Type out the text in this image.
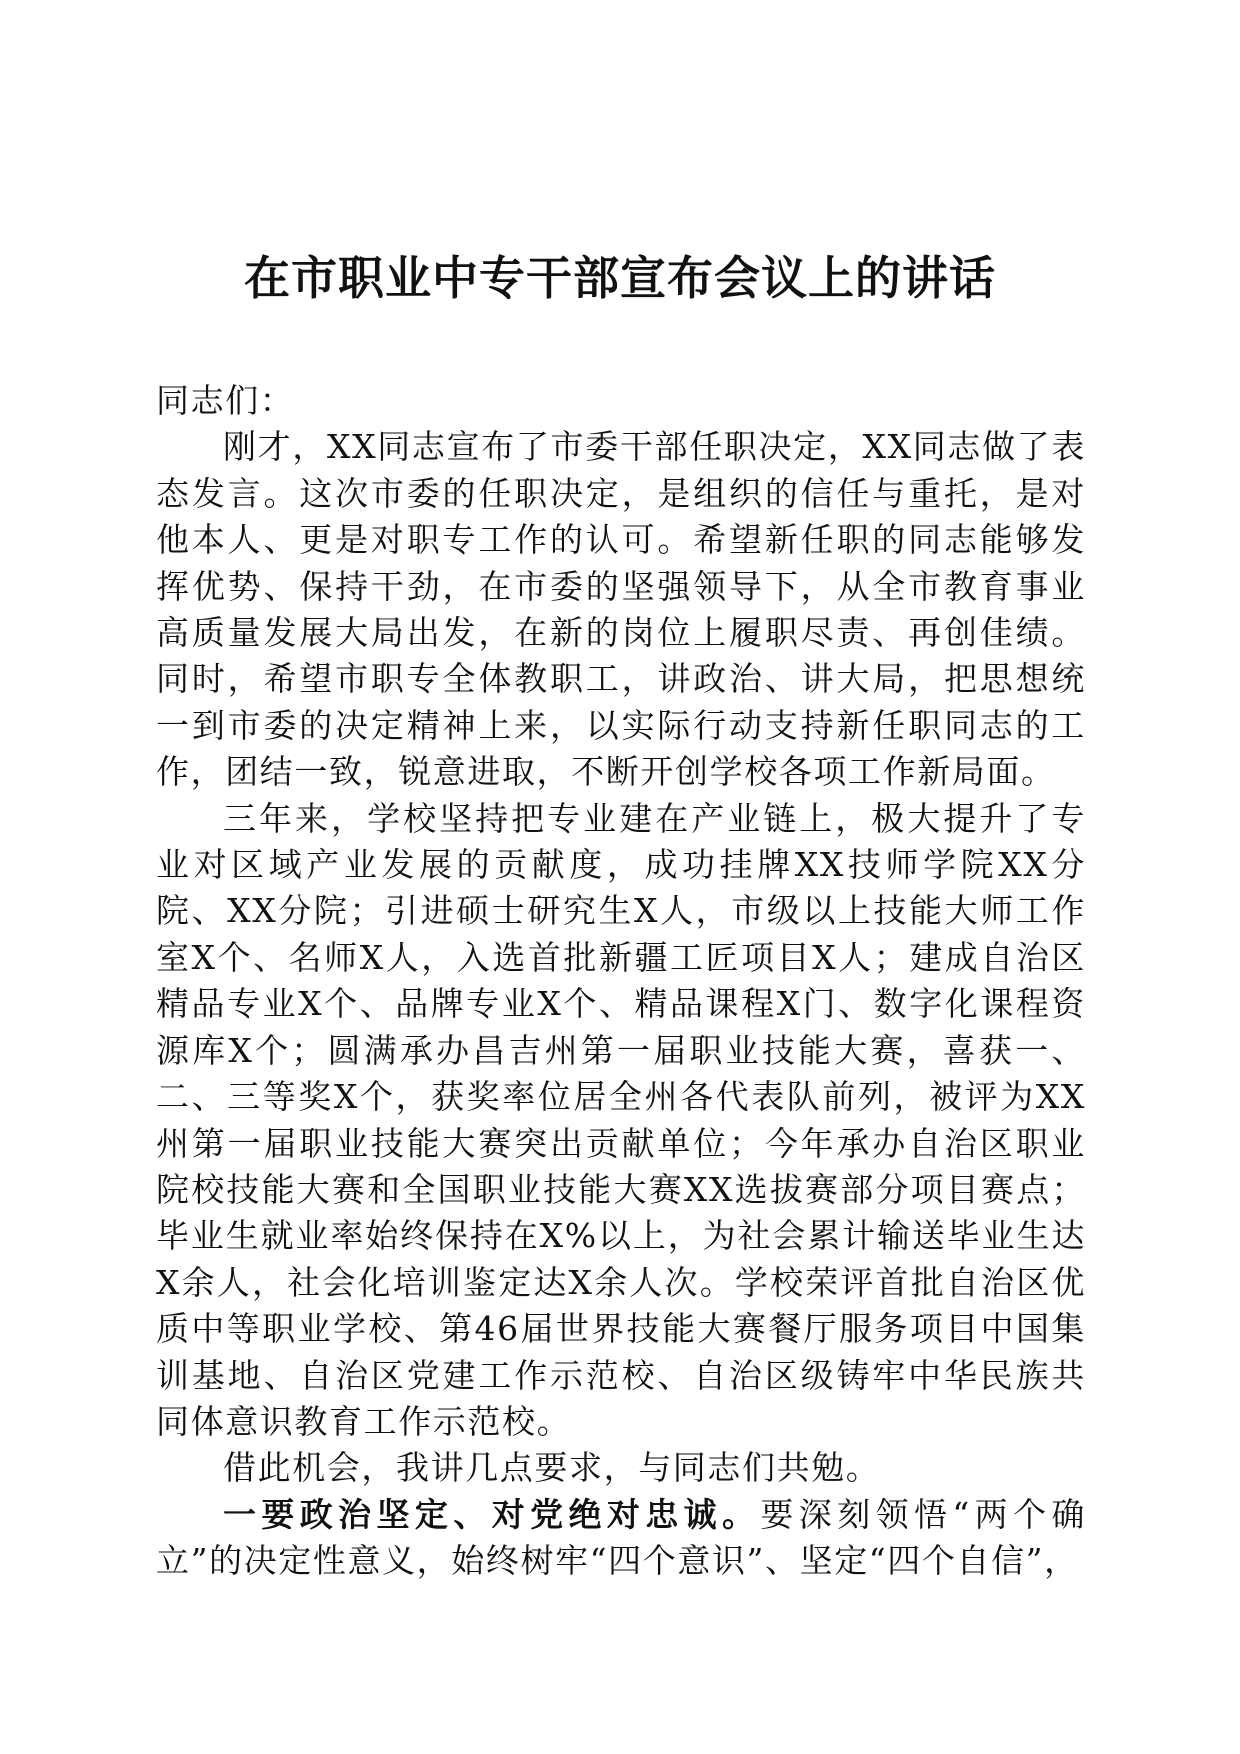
在市职业中专干部宣布会议上的讲话

同志们：

刚才，XX同志宣布了市委干部任职决定，XX同志做了表态发言。这次市委的任职决定，是组织的信任与重托，是对他本人、更是对职专工作的认可。希望新任职的同志能够发挥优势、保持干劲，在市委的坚强领导下，从全市教育事业高质量发展大局出发，在新的岗位上履职尽责、再创佳绩。同时，希望市职专全体教职工，讲政治、讲大局，把思想统一到市委的决定精神上来，以实际行动支持新任职同志的工作，团结一致，锐意进取，不断开创学校各项工作新局面。

三年来，学校坚持把专业建在产业链上，极大提升了专业对区域产业发展的贡献度，成功挂牌XX技师学院XX分院、XX分院；引进硕士研究生X人，市级以上技能大师工作室X个、名师X人，入选首批新疆工匠项目X人；建成自治区精品专业X个、品牌专业X个、精品课程X门、数字化课程资源库X个；圆满承办昌吉州第一届职业技能大赛，喜获一、二、三等奖X个，获奖率位居全州各代表队前列，被评为XX州第一届职业技能大赛突出贡献单位；今年承办自治区职业院校技能大赛和全国职业技能大赛XX选拔赛部分项目赛点；毕业生就业率始终保持在X%以上，为社会累计输送毕业生达X余人，社会化培训鉴定达X余人次。学校荣评首批自治区优质中等职业学校、第46届世界技能大赛餐厅服务项目中国集训基地、自治区党建工作示范校、自治区级铸牢中华民族共同体意识教育工作示范校。

借此机会，我讲几点要求，与同志们共勉。

一要政治坚定、对党绝对忠诚。要深刻领悟“两个确立”的决定性意义，始终树牢“四个意识”、坚定“四个自信”，
